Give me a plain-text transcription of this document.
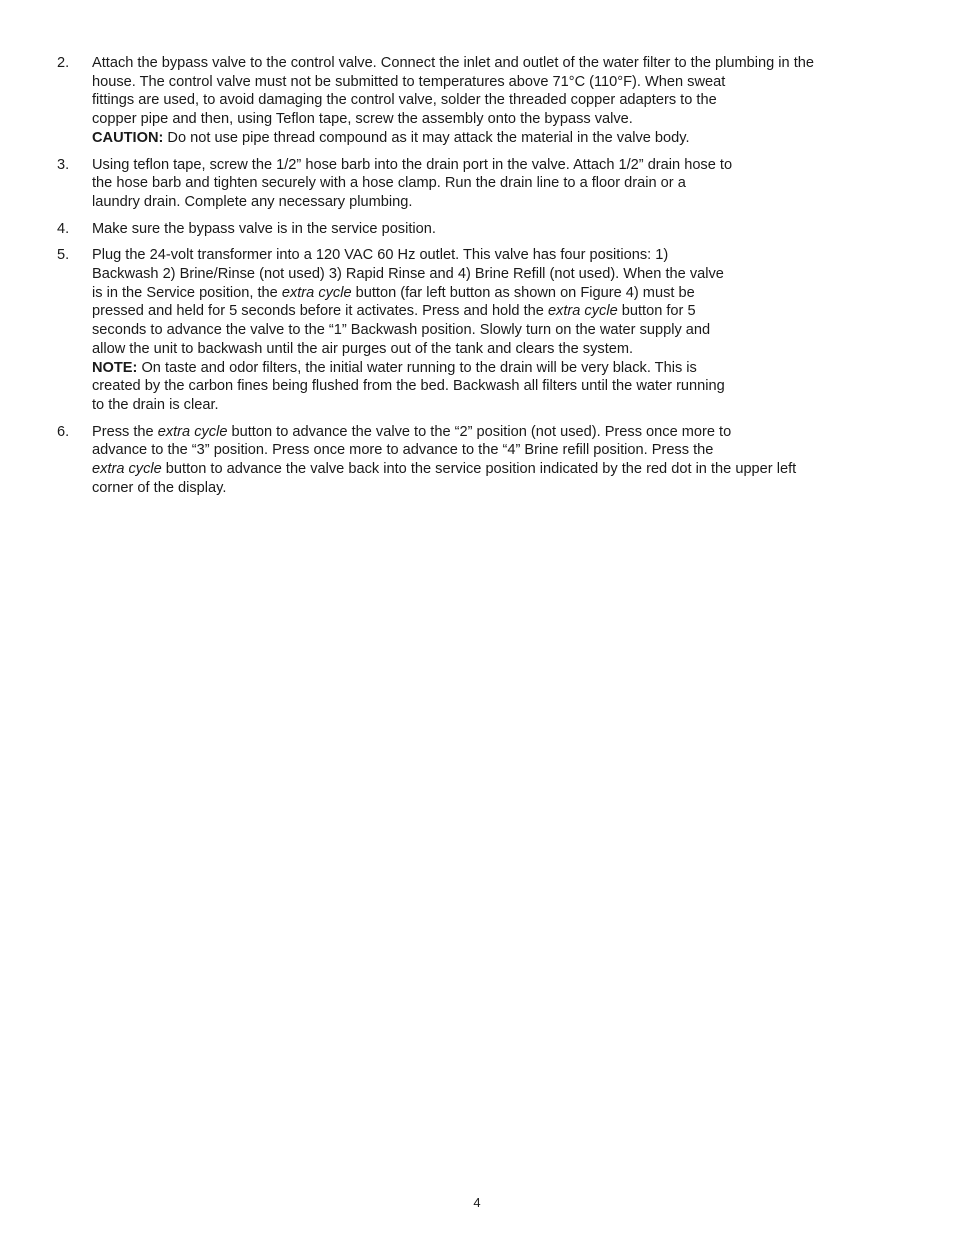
2. Attach the bypass valve to the control valve. Connect the inlet and outlet of the water filter to the plumbing in the
house. The control valve must not be submitted to temperatures above 71°C (110°F). When sweat
fittings are used, to avoid damaging the control valve, solder the threaded copper adapters to the
copper pipe and then, using Teflon tape, screw the assembly onto the bypass valve.
CAUTION: Do not use pipe thread compound as it may attack the material in the valve body.
3. Using teflon tape, screw the 1/2” hose barb into the drain port in the valve. Attach 1/2” drain hose to
the hose barb and tighten securely with a hose clamp. Run the drain line to a floor drain or a
laundry drain. Complete any necessary plumbing.
4. Make sure the bypass valve is in the service position.
5. Plug the 24-volt transformer into a 120 VAC 60 Hz outlet. This valve has four positions: 1)
Backwash 2) Brine/Rinse (not used) 3) Rapid Rinse and 4) Brine Refill (not used). When the valve
is in the Service position, the extra cycle button (far left button as shown on Figure 4) must be
pressed and held for 5 seconds before it activates. Press and hold the extra cycle button for 5
seconds to advance the valve to the “1” Backwash position. Slowly turn on the water supply and
allow the unit to backwash until the air purges out of the tank and clears the system.
NOTE: On taste and odor filters, the initial water running to the drain will be very black. This is
created by the carbon fines being flushed from the bed. Backwash all filters until the water running
to the drain is clear.
6. Press the extra cycle button to advance the valve to the “2” position (not used). Press once more to
advance to the “3” position. Press once more to advance to the “4” Brine refill position. Press the
extra cycle button to advance the valve back into the service position indicated by the red dot in the upper left
corner of the display.
4
